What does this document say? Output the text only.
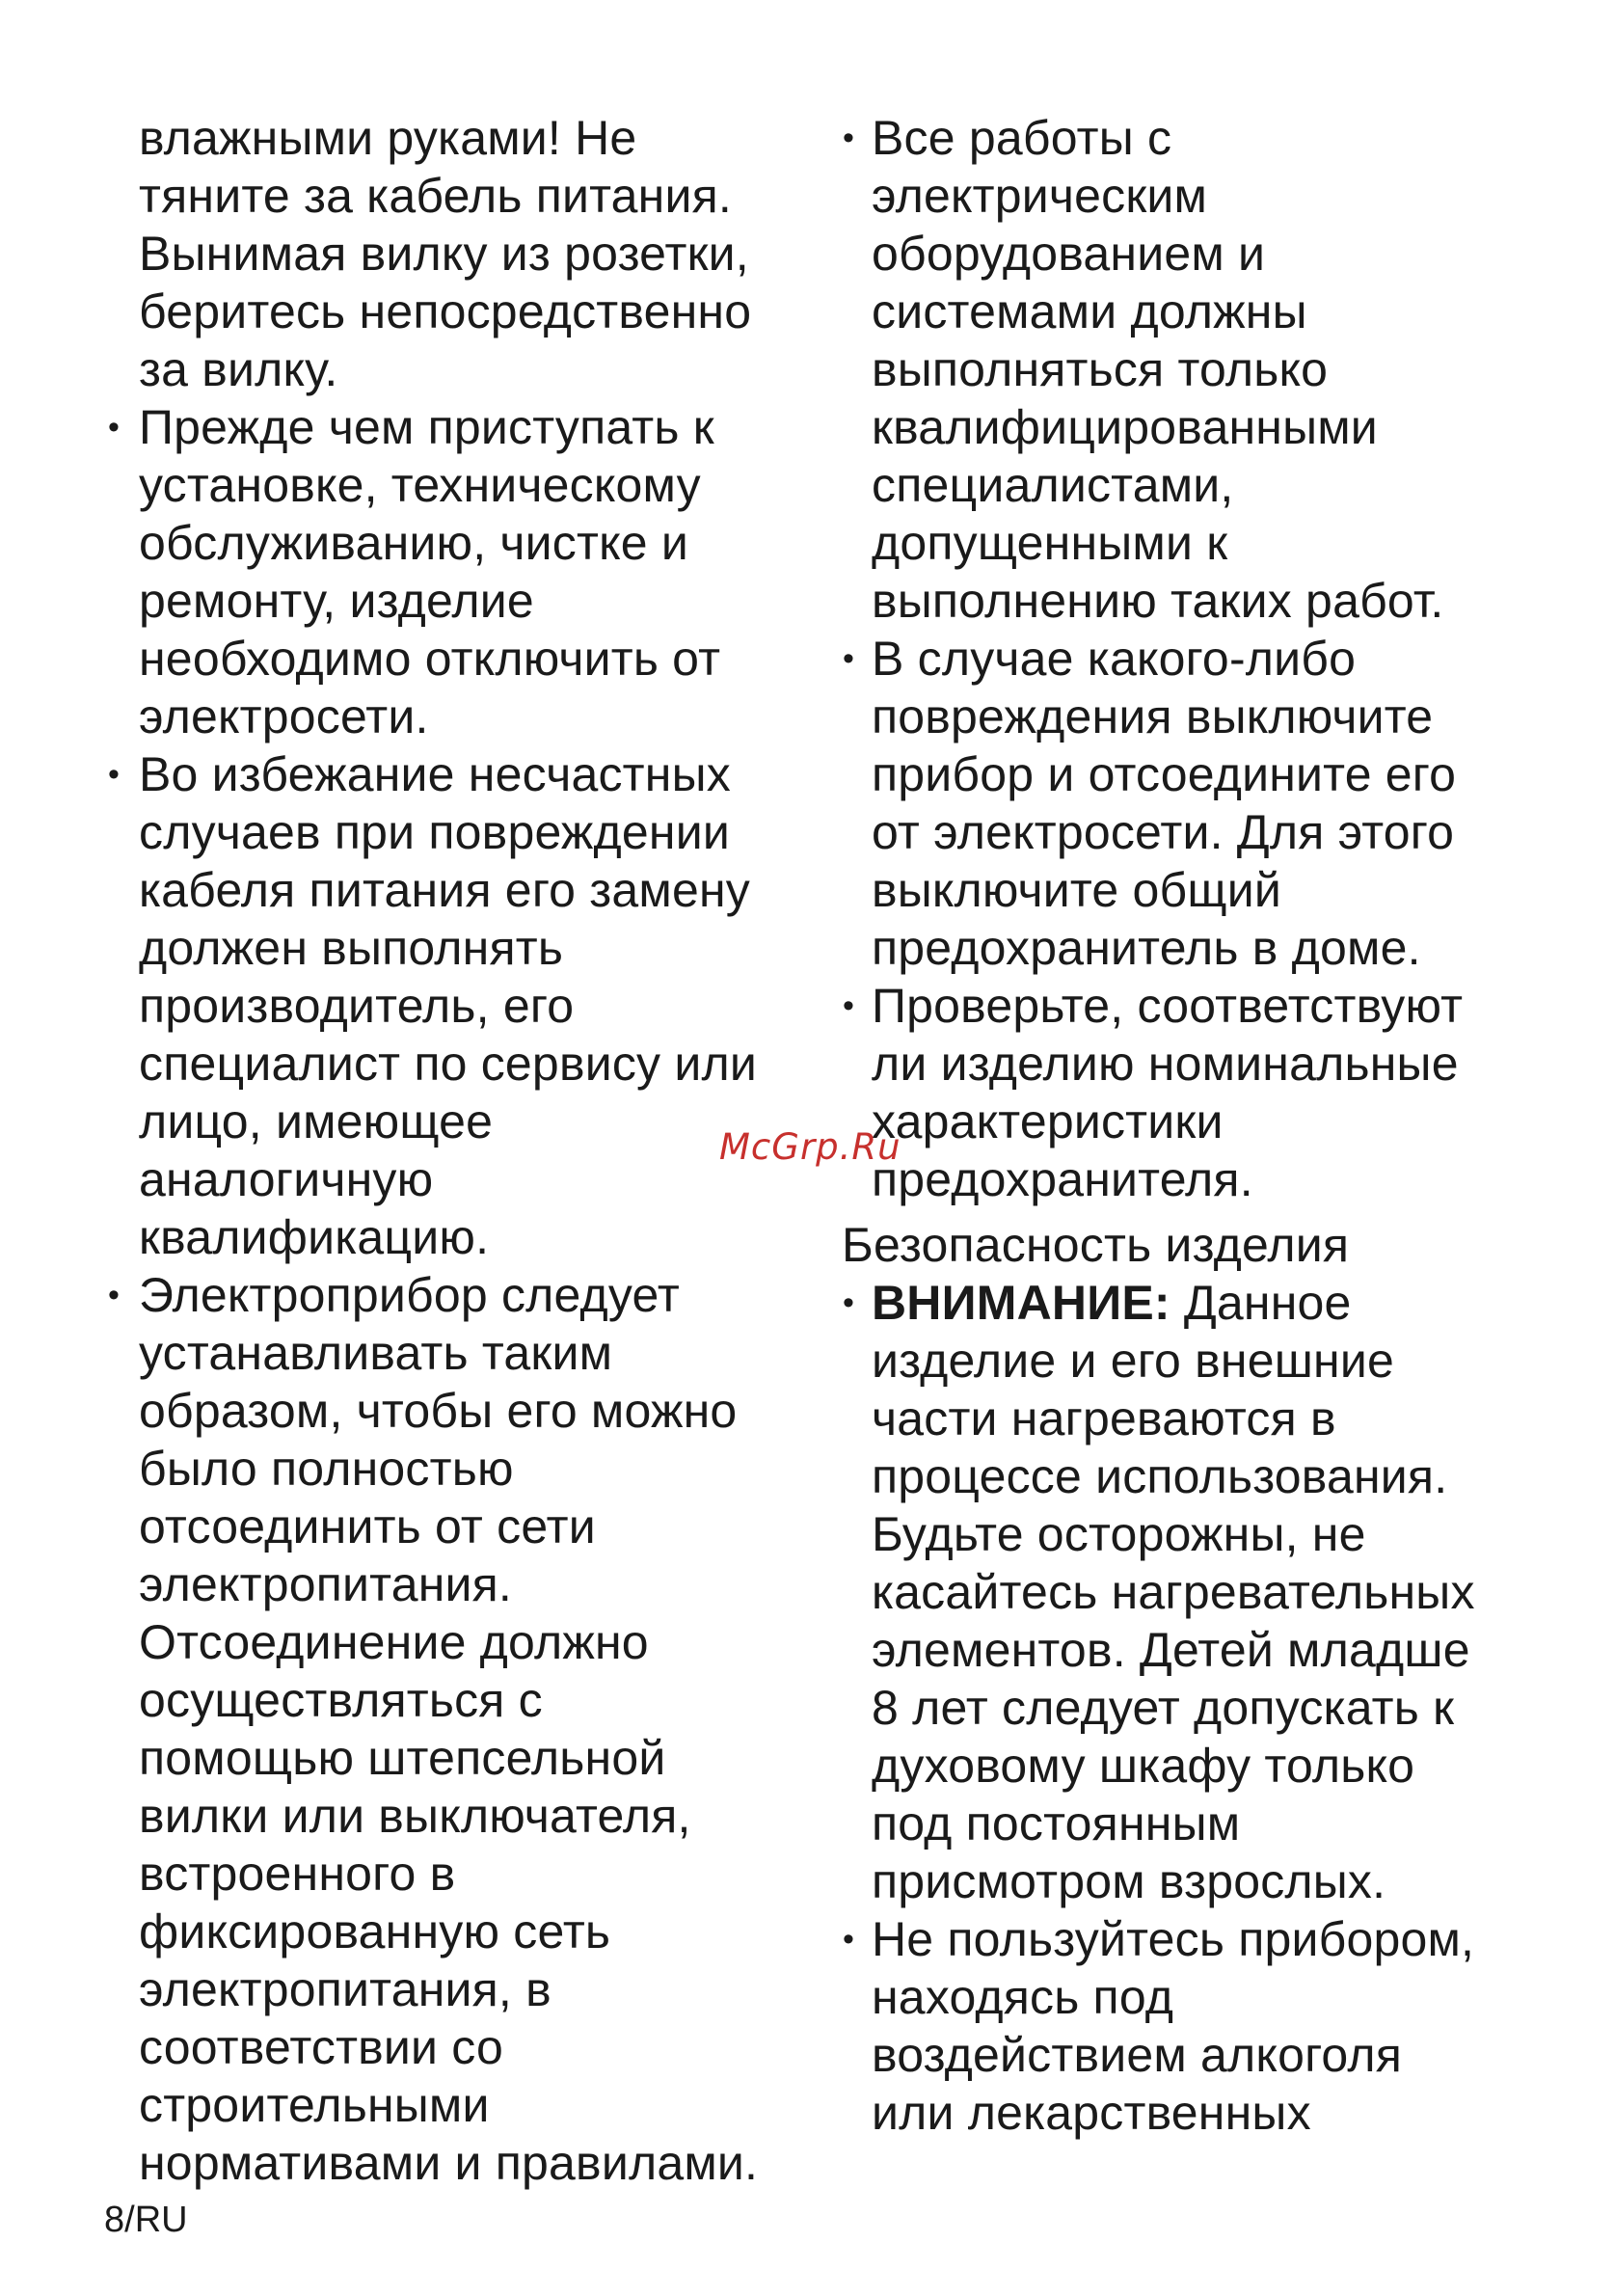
влажными руками! Не
тяните за кабель питания.
Вынимая вилку из розетки,
беритесь непосредственно
за вилку.
• Прежде чем приступать к
установке, техническому
обслуживанию, чистке и
ремонту, изделие
необходимо отключить от
электросети.
• Во избежание несчастных
случаев при повреждении
кабеля питания его замену
должен выполнять
производитель, его
специалист по сервису или
лицо, имеющее
аналогичную
квалификацию.
• Электроприбор следует
устанавливать таким
образом, чтобы его можно
было полностью
отсоединить от сети
электропитания.
Отсоединение должно
осуществляться с
помощью штепсельной
вилки или выключателя,
встроенного в
фиксированную сеть
электропитания, в
соответствии со
строительными
нормативами и правилами.
• Все работы с
электрическим
оборудованием и
системами должны
выполняться только
квалифицированными
специалистами,
допущенными к
выполнению таких работ.
• В случае какого-либо
повреждения выключите
прибор и отсоедините его
от электросети. Для этого
выключите общий
предохранитель в доме.
• Проверьте, соответствуют
ли изделию номинальные
характеристики
предохранителя.
Безопасность изделия
• ВНИМАНИЕ: Данное
изделие и его внешние
части нагреваются в
процессе использования.
Будьте осторожны, не
касайтесь нагревательных
элементов. Детей младше
8 лет следует допускать к
духовому шкафу только
под постоянным
присмотром взрослых.
• Не пользуйтесь прибором,
находясь под
воздействием алкоголя
или лекарственных
McGrp.Ru
8/RU
